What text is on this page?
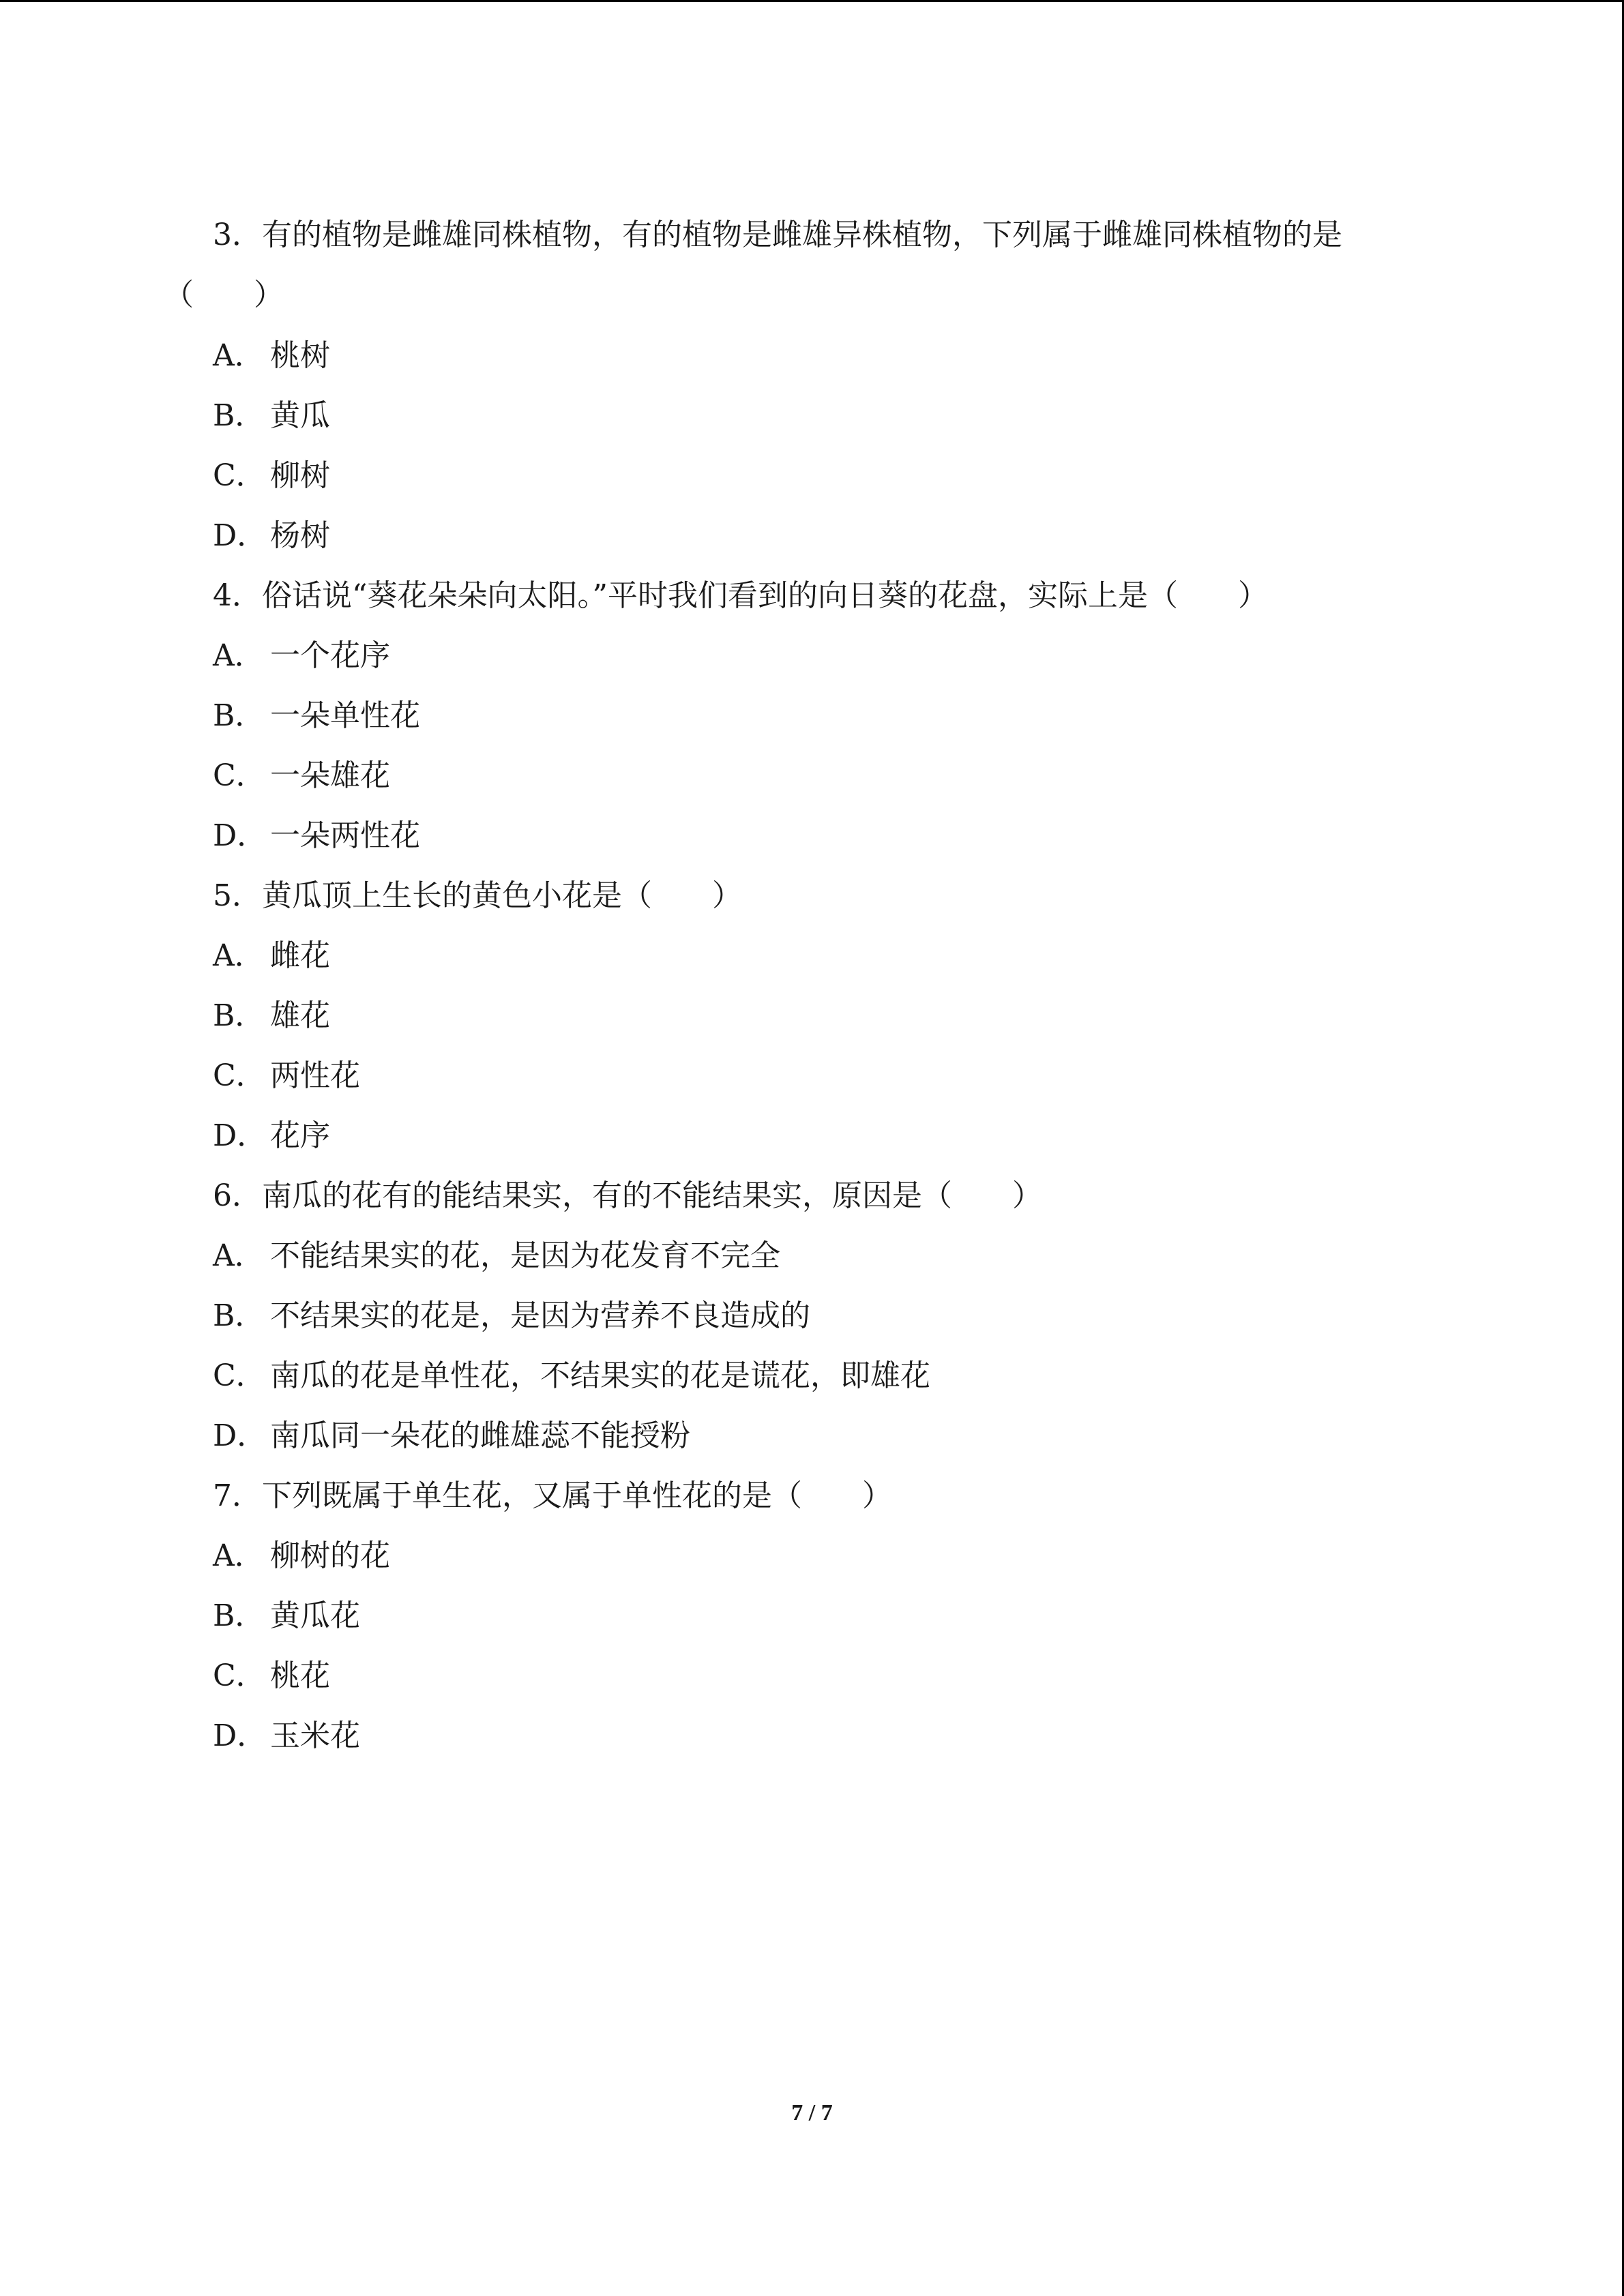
3．有的植物是雌雄同株植物，有的植物是雌雄异株植物，下列属于雌雄同株植物的是
（　　）
A． 桃树
B． 黄瓜
C． 柳树
D． 杨树
4．俗话说“葵花朵朵向太阳。”平时我们看到的向日葵的花盘，实际上是（　　）
A． 一个花序
B． 一朵单性花
C． 一朵雄花
D． 一朵两性花
5．黄瓜顶上生长的黄色小花是（　　）
A． 雌花
B． 雄花
C． 两性花
D． 花序
6．南瓜的花有的能结果实，有的不能结果实，原因是（　　）
A． 不能结果实的花，是因为花发育不完全
B． 不结果实的花是，是因为营养不良造成的
C． 南瓜的花是单性花，不结果实的花是谎花，即雄花
D． 南瓜同一朵花的雌雄蕊不能授粉
7．下列既属于单生花，又属于单性花的是（　　）
A． 柳树的花
B． 黄瓜花
C． 桃花
D． 玉米花
7 / 7
